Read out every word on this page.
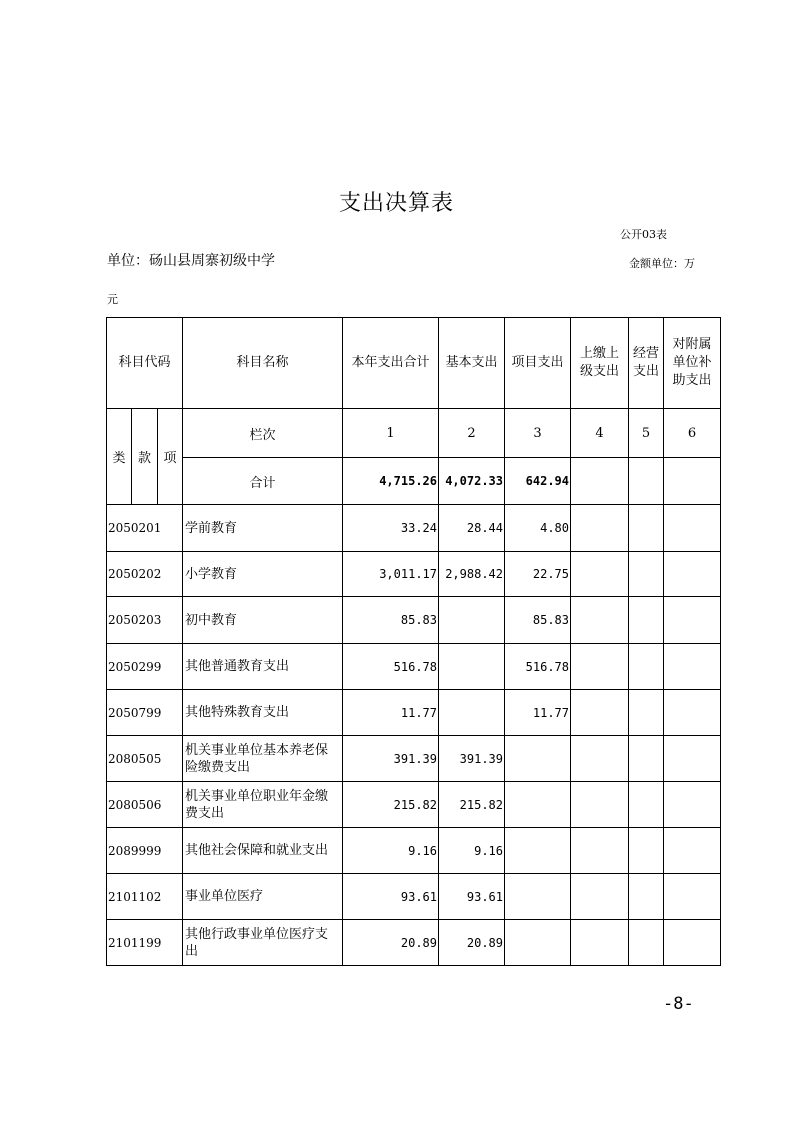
支出决算表
公开03表
单位：砀山县周寨初级中学	金额单位：万
元
科目代码			科目名称	本年支出合计	基本支出	项目支出	上缴上级支出	经营支出	对附属单位补助支出
类	款	项	栏次	1	2	3	4	5	6
			合计	4,715.26	4,072.33	642.94			
2050201			学前教育	33.24	28.44	4.80			
2050202			小学教育	3,011.17	2,988.42	22.75			
2050203			初中教育	85.83		85.83			
2050299			其他普通教育支出	516.78		516.78			
2050799			其他特殊教育支出	11.77		11.77			
2080505			机关事业单位基本养老保险缴费支出	391.39	391.39				
2080506			机关事业单位职业年金缴费支出	215.82	215.82				
2089999			其他社会保障和就业支出	9.16	9.16				
2101102			事业单位医疗	93.61	93.61				
2101199			其他行政事业单位医疗支出	20.89	20.89				
-8-
